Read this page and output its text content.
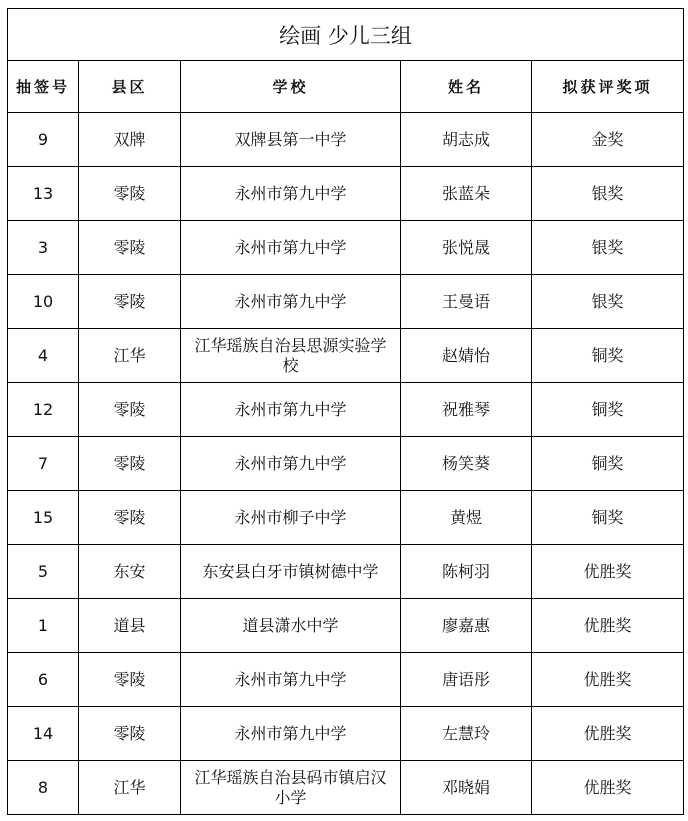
绘画 少儿三组				
抽签号	县区	学校	姓名	拟获评奖项
9	双牌	双牌县第一中学	胡志成	金奖
13	零陵	永州市第九中学	张蓝朵	银奖
3	零陵	永州市第九中学	张悦晟	银奖
10	零陵	永州市第九中学	王曼语	银奖
4	江华	江华瑶族自治县思源实验学校	赵婧怡	铜奖
12	零陵	永州市第九中学	祝雅琴	铜奖
7	零陵	永州市第九中学	杨笑葵	铜奖
15	零陵	永州市柳子中学	黄煜	铜奖
5	东安	东安县白牙市镇树德中学	陈柯羽	优胜奖
1	道县	道县潇水中学	廖嘉惠	优胜奖
6	零陵	永州市第九中学	唐语彤	优胜奖
14	零陵	永州市第九中学	左慧玲	优胜奖
8	江华	江华瑶族自治县码市镇启汉小学	邓晓娟	优胜奖
